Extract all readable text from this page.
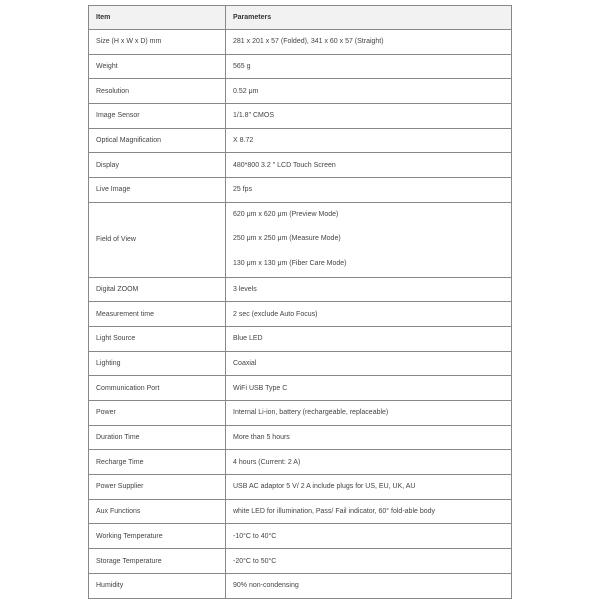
Item	Parameters
Size (H x W x D) mm	281 x 201 x 57 (Folded), 341 x 60 x 57 (Straight)
Weight	565 g
Resolution	0.52 μm
Image Sensor	1/1.8" CMOS
Optical Magnification	X 8.72
Display	480*800 3.2 " LCD Touch Screen
Live Image	25 fps
Field of View	620 μm x 620 μm (Preview Mode)
250 μm x 250 μm (Measure Mode)
130 μm x 130 μm (Fiber Care Mode)

Digital ZOOM	3 levels
Measurement time	2 sec (exclude Auto Focus)
Light Source	Blue LED
Lighting	Coaxial
Communication Port	WiFi USB Type C
Power	Internal Li-ion, battery (rechargeable, replaceable)
Duration Time	More than 5 hours
Recharge Time	4 hours (Current: 2 A)
Power Supplier	USB AC adaptor 5 V/ 2 A include plugs for US, EU, UK, AU
Aux Functions	white LED for illumination, Pass/ Fail indicator, 60° fold-able body
Working Temperature	-10°C to 40°C
Storage Temperature	-20°C to 50°C
Humidity	90% non-condensing
